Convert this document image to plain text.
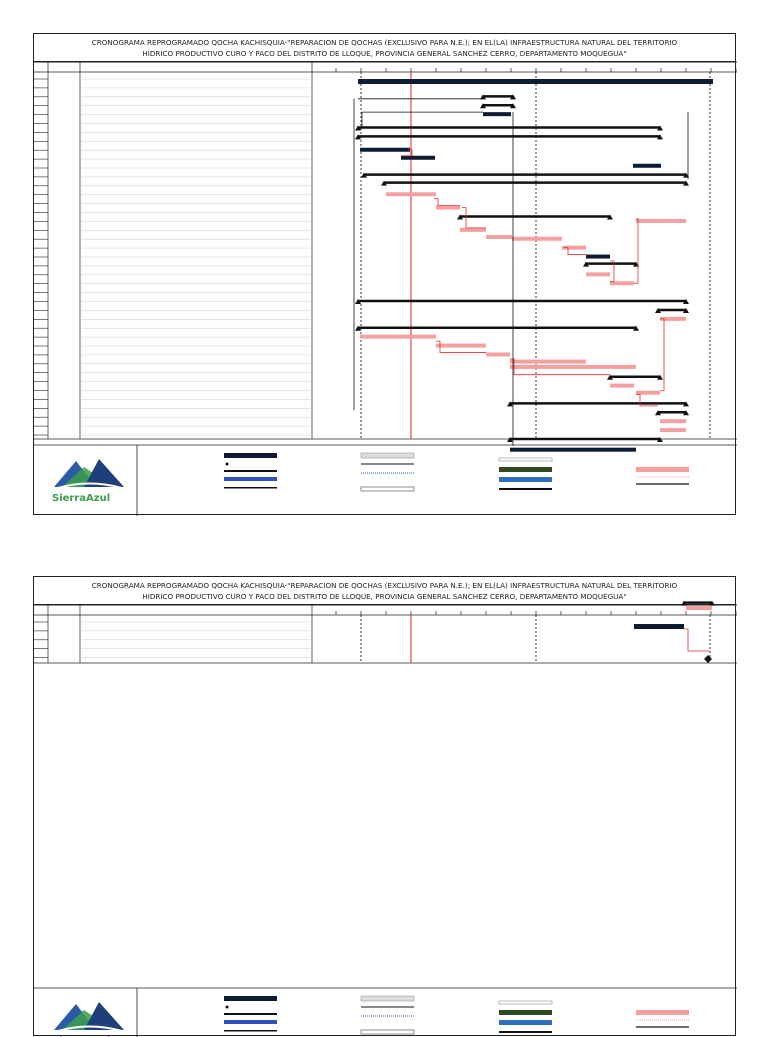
CRONOGRAMA REPROGRAMADO QOCHA KACHISQUIA-"REPARACION DE QOCHAS (EXCLUSIVO PARA N.E.); EN EL(LA) INFRAESTRUCTURA NATURAL DEL TERRITORIO
HIDRICO PRODUCTIVO CURO Y PACO DEL DISTRITO DE LLOQUE, PROVINCIA GENERAL SANCHEZ CERRO, DEPARTAMENTO MOQUEGUA"
SierraAzul
CRONOGRAMA REPROGRAMADO QOCHA KACHISQUIA-"REPARACION DE QOCHAS (EXCLUSIVO PARA N.E.); EN EL(LA) INFRAESTRUCTURA NATURAL DEL TERRITORIO
HIDRICO PRODUCTIVO CURO Y PACO DEL DISTRITO DE LLOQUE, PROVINCIA GENERAL SANCHEZ CERRO, DEPARTAMENTO MOQUEGUA"
